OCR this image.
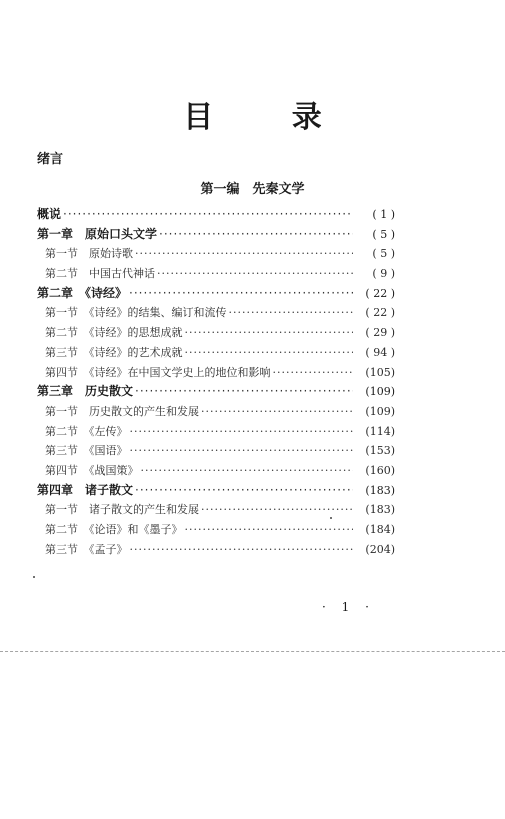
目 录
绪言
第一编　先秦文学
概说 ·····	( 1 )
第一章　原始口头文学 ·····	( 5 )
第一节　原始诗歌 ·····	( 5 )
第二节　中国古代神话 ·····	( 9 )
第二章　《诗经》 ·····	( 22 )
第一节　《诗经》的结集、编订和流传 ·····	( 22 )
第二节　《诗经》的思想成就 ·····	( 29 )
第三节　《诗经》的艺术成就 ·····	( 94 )
第四节　《诗经》在中国文学史上的地位和影响 ·····	(105)
第三章　历史散文 ·····	(109)
第一节　历史散文的产生和发展 ·····	(109)
第二节　《左传》 ·····	(114)
第三节　《国语》 ·····	(153)
第四节　《战国策》 ·····	(160)
第四章　诸子散文 ·····	(183)
第一节　诸子散文的产生和发展 ·····	(183)
第二节　《论语》和《墨子》 ·····	(184)
第三节　《孟子》 ·····	(204)
· 1 ·
